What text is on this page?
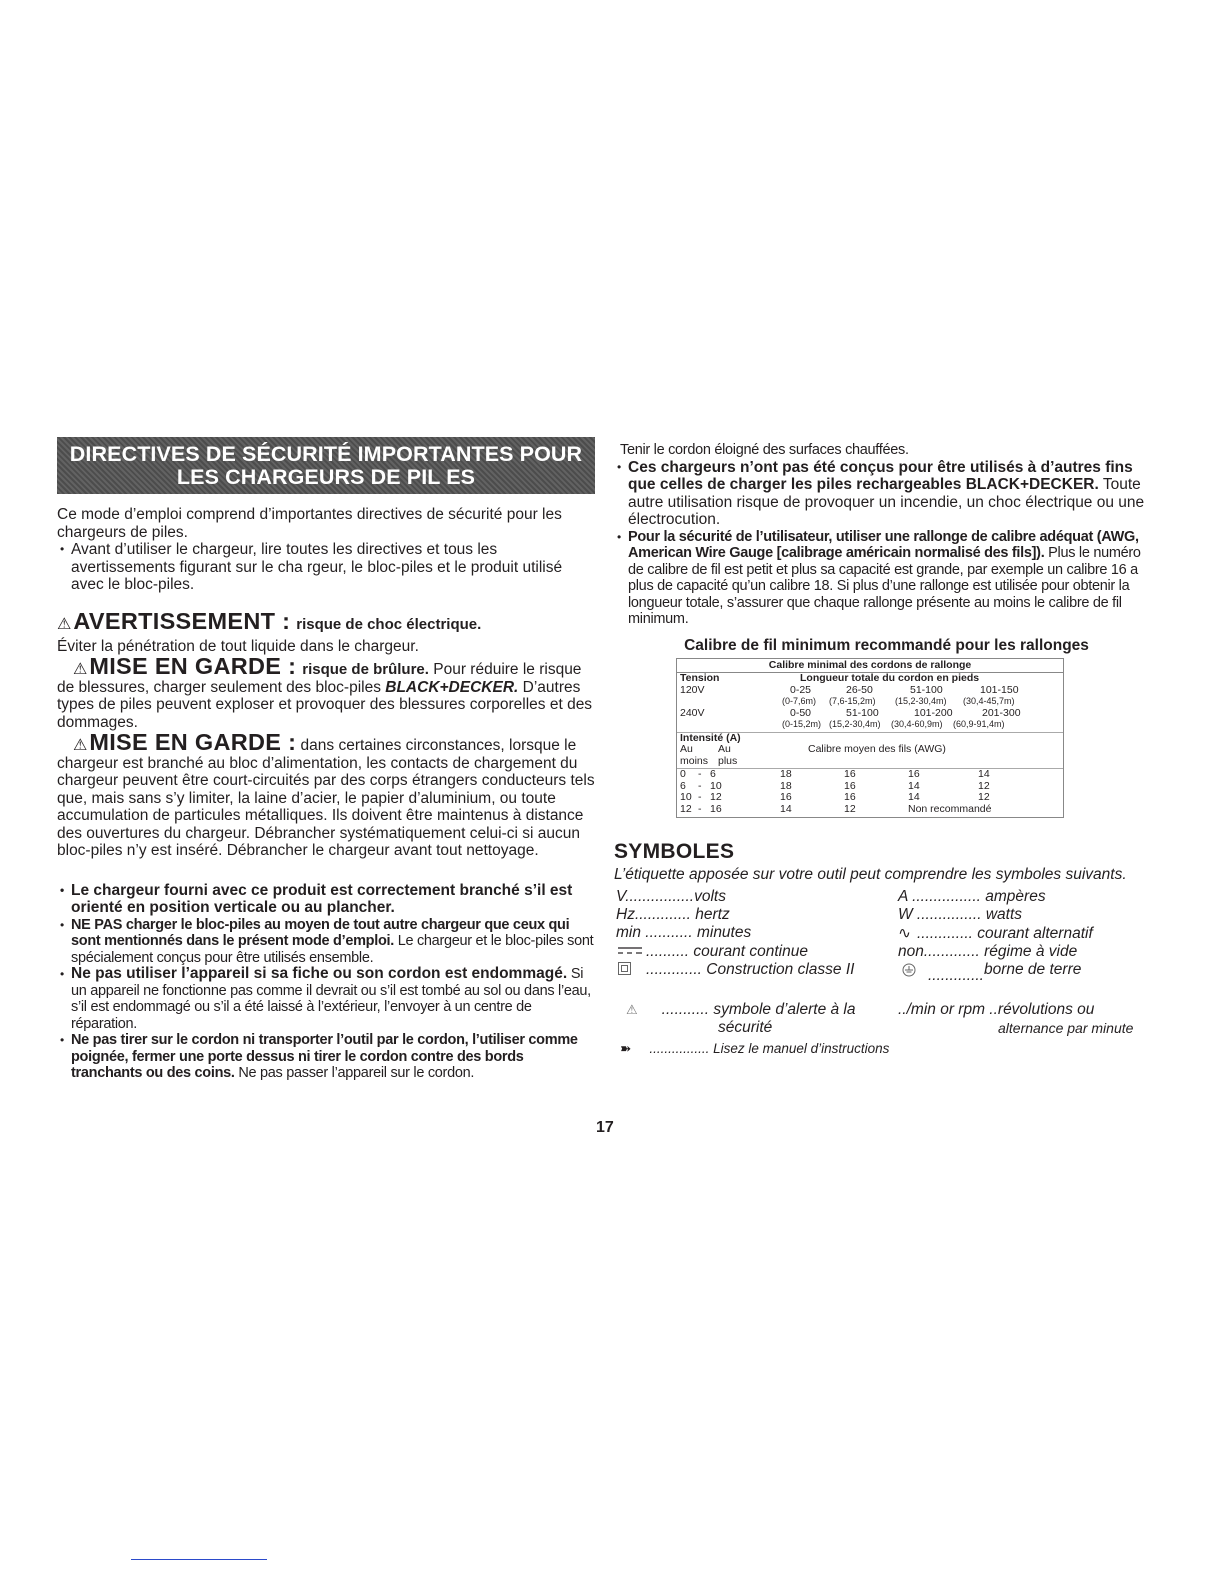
DIRECTIVES DE SÉCURITÉ IMPORTANTES POUR
LES CHARGEURS DE PIL ES

Ce mode d’emploi comprend d’importantes directives de sécurité pour les chargeurs de piles.

• Avant d’utiliser le chargeur, lire toutes les directives et tous les avertissements figurant sur le cha rgeur, le bloc-piles et le produit utilisé avec le bloc-piles.

⚠ AVERTISSEMENT : risque de choc électrique.

Éviter la pénétration de tout liquide dans le chargeur.

⚠MISE EN GARDE : risque de brûlure. Pour réduire le risque de blessures, charger seulement des bloc-piles BLACK+DECKER. D’autres types de piles peuvent exploser et provoquer des blessures corporelles et des dommages.

⚠MISE EN GARDE : dans certaines circonstances, lorsque le chargeur est branché au bloc d’alimentation, les contacts de chargement du chargeur peuvent être court-circuités par des corps étrangers conducteurs tels que, mais sans s’y limiter, la laine d’acier, le papier d’aluminium, ou toute accumulation de particules métalliques. Ils doivent être maintenus à distance des ouvertures du chargeur. Débrancher systématiquement celui-ci si aucun bloc-piles n’y est inséré. Débrancher le chargeur avant tout nettoyage.

• Le chargeur fourni avec ce produit est correctement branché s’il est orienté en position verticale ou au plancher.

• NE PAS charger le bloc-piles au moyen de tout autre chargeur que ceux qui sont mentionnés dans le présent mode d’emploi. Le chargeur et le bloc-piles sont spécialement conçus pour être utilisés ensemble.

• Ne pas utiliser l’appareil si sa fiche ou son cordon est endommagé. Si un appareil ne fonctionne pas comme il devrait ou s’il est tombé au sol ou dans l’eau, s’il est endommagé ou s’il a été laissé à l’extérieur, l’envoyer à un centre de réparation.

• Ne pas tirer sur le cordon ni transporter l’outil par le cordon, l’utiliser comme poignée, fermer une porte dessus ni tirer le cordon contre des bords tranchants ou des coins. Ne pas passer l’appareil sur le cordon.

17

Tenir le cordon éloigné des surfaces chauffées.

• Ces chargeurs n’ont pas été conçus pour être utilisés à d’autres fins que celles de charger les piles rechargeables BLACK+DECKER. Toute autre utilisation risque de provoquer un incendie, un choc électrique ou une électrocution.

• Pour la sécurité de l’utilisateur, utiliser une rallonge de calibre adéquat (AWG, American Wire Gauge [calibrage américain normalisé des fils]). Plus le numéro de calibre de fil est petit et plus sa capacité est grande, par exemple un calibre 16 a plus de capacité qu’un calibre 18. Si plus d’une rallonge est utilisée pour obtenir la longueur totale, s’assurer que chaque rallonge présente au moins le calibre de fil minimum.

Calibre de fil minimum recommandé pour les rallonges
Calibre minimal des cordons de rallonge
Tension	Longueur totale du cordon en pieds
120V	0-25	26-50	51-100	101-150
(0-7,6m)	(7,6-15,2m)	(15,2-30,4m)	(30,4-45,7m)
240V	0-50	51-100	101-200	201-300
(0-15,2m) (15,2-30,4m)	(30,4-60,9m)	(60,9-91,4m)
Intensité (A)
Au	Au	Calibre moyen des fils (AWG)
moins plus
0	- 6	18	16	16	14
6	- 10	18	16	14	12
10 - 12	16	16	14	12
12 - 16	14	12	Non recommandé
SYMBOLES

L’étiquette apposée sur votre outil peut comprendre les symboles suivants.

V................volts	A ................ ampères
Hz............. hertz	W ............... watts
min ........... minutes	∿ ............. courant alternatif
.......... courant continue	non............. régime à vide
............. Construction classe II	.............borne de terre
⚠ ........... symbole d’alerte à la
sécurité
../min or rpm ..révolutions ou
alternance par minute
➽ ................ Lisez le manuel d’instructions
